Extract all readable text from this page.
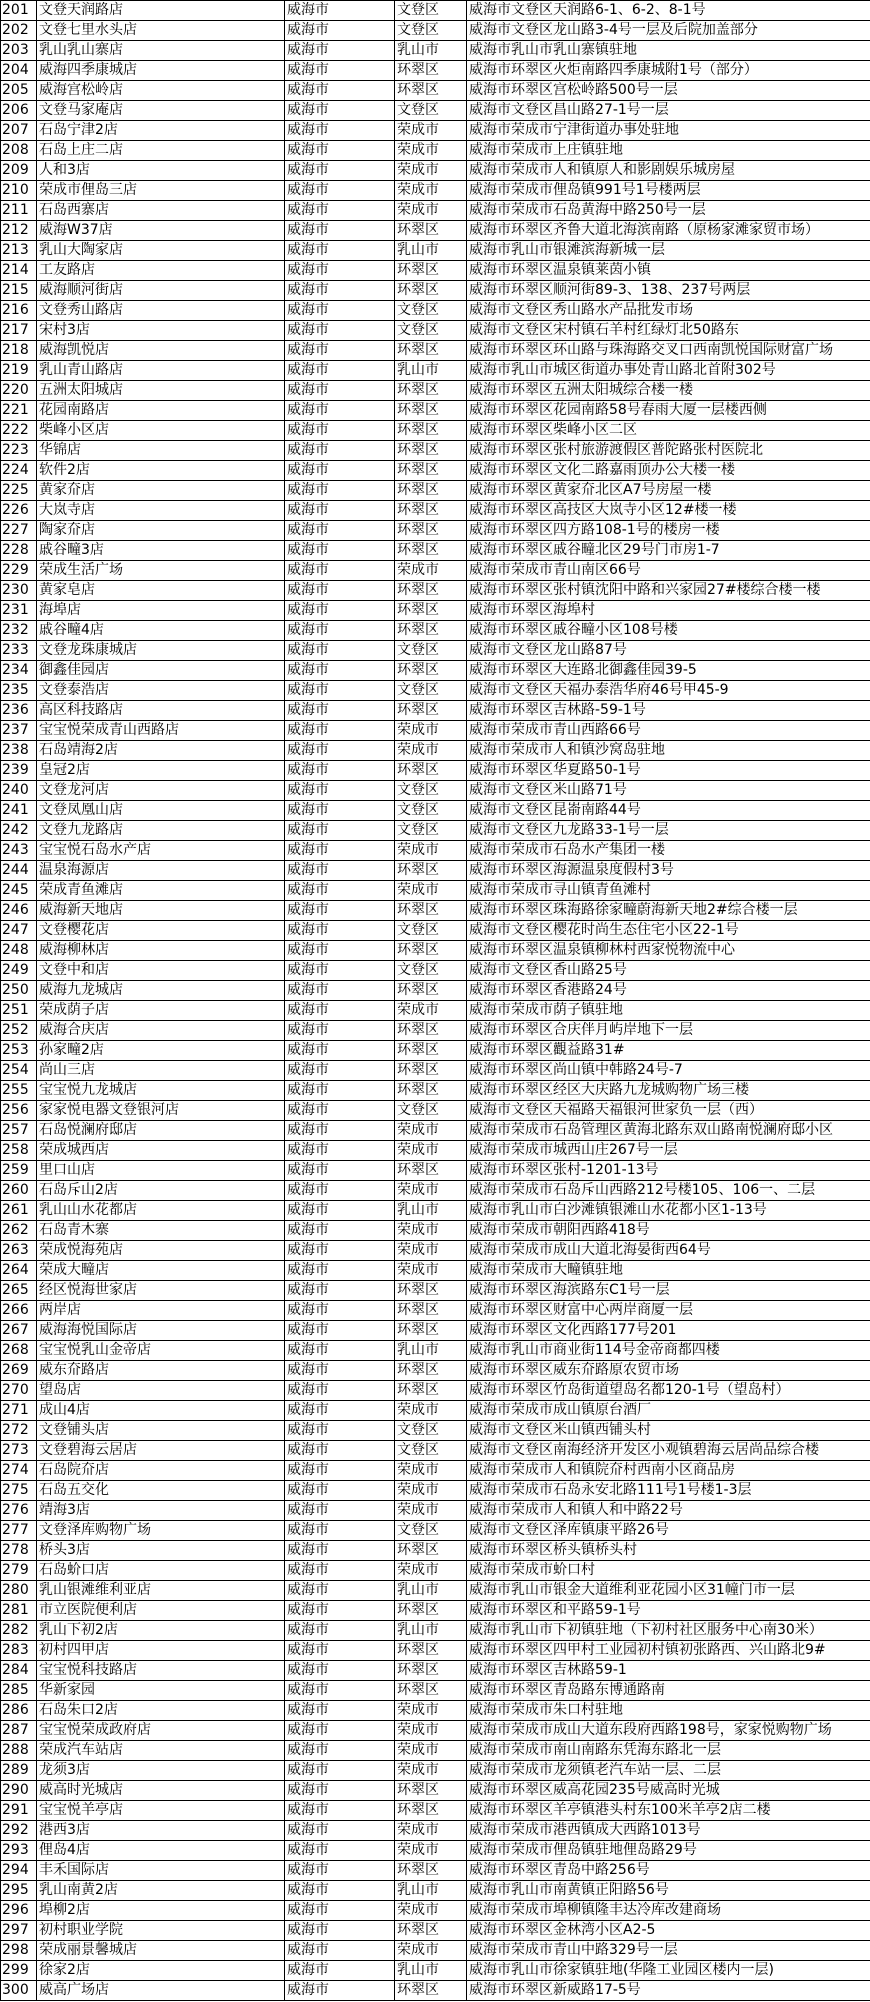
201	文登天润路店	威海市	文登区	威海市文登区天润路6-1、6-2、8-1号
202	文登七里水头店	威海市	文登区	威海市文登区龙山路3-4号一层及后院加盖部分
203	乳山乳山寨店	威海市	乳山市	威海市乳山市乳山寨镇驻地
204	威海四季康城店	威海市	环翠区	威海市环翠区火炬南路四季康城附1号（部分）
205	威海宫松岭店	威海市	环翠区	威海市环翠区宫松岭路500号一层
206	文登马家庵店	威海市	文登区	威海市文登区昌山路27-1号一层
207	石岛宁津2店	威海市	荣成市	威海市荣成市宁津街道办事处驻地
208	石岛上庄二店	威海市	荣成市	威海市荣成市上庄镇驻地
209	人和3店	威海市	荣成市	威海市荣成市人和镇原人和影剧娱乐城房屋
210	荣成市俚岛三店	威海市	荣成市	威海市荣成市俚岛镇991号1号楼两层
211	石岛西寨店	威海市	荣成市	威海市荣成市石岛黄海中路250号一层
212	威海W37店	威海市	环翠区	威海市环翠区齐鲁大道北海滨南路（原杨家滩家贸市场）
213	乳山大陶家店	威海市	乳山市	威海市乳山市银滩滨海新城一层
214	工友路店	威海市	环翠区	威海市环翠区温泉镇莱茵小镇
215	威海顺河街店	威海市	环翠区	威海市环翠区顺河街89-3、138、237号两层
216	文登秀山路店	威海市	文登区	威海市文登区秀山路水产品批发市场
217	宋村3店	威海市	文登区	威海市文登区宋村镇石羊村红绿灯北50路东
218	威海凯悦店	威海市	环翠区	威海市环翠区环山路与珠海路交叉口西南凯悦国际财富广场
219	乳山青山路店	威海市	乳山市	威海市乳山市城区街道办事处青山路北首附302号
220	五洲太阳城店	威海市	环翠区	威海市环翠区五洲太阳城综合楼一楼
221	花园南路店	威海市	环翠区	威海市环翠区花园南路58号春雨大厦一层楼西侧
222	柴峰小区店	威海市	环翠区	威海市环翠区柴峰小区二区
223	华锦店	威海市	环翠区	威海市环翠区张村旅游渡假区普陀路张村医院北
224	软件2店	威海市	环翠区	威海市环翠区文化二路嘉雨顶办公大楼一楼
225	黄家夼店	威海市	环翠区	威海市环翠区黄家夼北区A7号房屋一楼
226	大岚寺店	威海市	环翠区	威海市环翠区高技区大岚寺小区12#楼一楼
227	陶家夼店	威海市	环翠区	威海市环翠区四方路108-1号的楼房一楼
228	戚谷疃3店	威海市	环翠区	威海市环翠区戚谷疃北区29号门市房1-7
229	荣成生活广场	威海市	荣成市	威海市荣成市青山南区66号
230	黄家皂店	威海市	环翠区	威海市环翠区张村镇沈阳中路和兴家园27#楼综合楼一楼
231	海埠店	威海市	环翠区	威海市环翠区海埠村
232	戚谷疃4店	威海市	环翠区	威海市环翠区戚谷疃小区108号楼
233	文登龙珠康城店	威海市	文登区	威海市文登区龙山路87号
234	御鑫佳园店	威海市	环翠区	威海市环翠区大连路北御鑫佳园39-5
235	文登泰浩店	威海市	文登区	威海市文登区天福办泰浩华府46号甲45-9
236	高区科技路店	威海市	环翠区	威海市环翠区吉林路-59-1号
237	宝宝悦荣成青山西路店	威海市	荣成市	威海市荣成市青山西路66号
238	石岛靖海2店	威海市	荣成市	威海市荣成市人和镇沙窝岛驻地
239	皇冠2店	威海市	环翠区	威海市环翠区华夏路50-1号
240	文登龙河店	威海市	文登区	威海市文登区米山路71号
241	文登凤凰山店	威海市	文登区	威海市文登区昆嵛南路44号
242	文登九龙路店	威海市	文登区	威海市文登区九龙路33-1号一层
243	宝宝悦石岛水产店	威海市	荣成市	威海市荣成市石岛水产集团一楼
244	温泉海源店	威海市	环翠区	威海市环翠区海源温泉度假村3号
245	荣成青鱼滩店	威海市	荣成市	威海市荣成市寻山镇青鱼滩村
246	威海新天地店	威海市	环翠区	威海市环翠区珠海路徐家疃蔚海新天地2#综合楼一层
247	文登樱花店	威海市	文登区	威海市文登区樱花时尚生态住宅小区22-1号
248	威海柳林店	威海市	环翠区	威海市环翠区温泉镇柳林村西家悦物流中心
249	文登中和店	威海市	文登区	威海市文登区香山路25号
250	威海九龙城店	威海市	环翠区	威海市环翠区香港路24号
251	荣成荫子店	威海市	荣成市	威海市荣成市荫子镇驻地
252	威海合庆店	威海市	环翠区	威海市环翠区合庆伴月屿岸地下一层
253	孙家疃2店	威海市	环翠区	威海市环翠区觀益路31#
254	尚山三店	威海市	环翠区	威海市环翠区尚山镇中韩路24号-7
255	宝宝悦九龙城店	威海市	环翠区	威海市环翠区经区大庆路九龙城购物广场三楼
256	家家悦电器文登银河店	威海市	文登区	威海市文登区天福路天福银河世家负一层（西）
257	石岛悦澜府邸店	威海市	荣成市	威海市荣成市石岛管理区黄海北路东双山路南悦澜府邸小区
258	荣成城西店	威海市	荣成市	威海市荣成市城西山庄267号一层
259	里口山店	威海市	环翠区	威海市环翠区张村-1201-13号
260	石岛斥山2店	威海市	荣成市	威海市荣成市石岛斥山西路212号楼105、106一、二层
261	乳山山水花都店	威海市	乳山市	威海市乳山市白沙滩镇银滩山水花都小区1-13号
262	石岛青木寨	威海市	荣成市	威海市荣成市朝阳西路418号
263	荣成悦海苑店	威海市	荣成市	威海市荣成市成山大道北海晏街西64号
264	荣成大疃店	威海市	荣成市	威海市荣成市大疃镇驻地
265	经区悦海世家店	威海市	环翠区	威海市环翠区海滨路东C1号一层
266	两岸店	威海市	环翠区	威海市环翠区财富中心两岸商厦一层
267	威海海悦国际店	威海市	环翠区	威海市环翠区文化西路177号201
268	宝宝悦乳山金帝店	威海市	乳山市	威海市乳山市商业街114号金帝商都四楼
269	威东夼路店	威海市	环翠区	威海市环翠区威东夼路原农贸市场
270	望岛店	威海市	环翠区	威海市环翠区竹岛街道望岛名都120-1号（望岛村）
271	成山4店	威海市	荣成市	威海市荣成市成山镇原台酒厂
272	文登铺头店	威海市	文登区	威海市文登区米山镇西铺头村
273	文登碧海云居店	威海市	文登区	威海市文登区南海经济开发区小观镇碧海云居尚品综合楼
274	石岛院夼店	威海市	荣成市	威海市荣成市人和镇院夼村西南小区商品房
275	石岛五交化	威海市	荣成市	威海市荣成市石岛永安北路111号1号楼1-3层
276	靖海3店	威海市	荣成市	威海市荣成市人和镇人和中路22号
277	文登泽库购物广场	威海市	文登区	威海市文登区泽库镇康平路26号
278	桥头3店	威海市	环翠区	威海市环翠区桥头镇桥头村
279	石岛蚧口店	威海市	荣成市	威海市荣成市蚧口村
280	乳山银滩维利亚店	威海市	乳山市	威海市乳山市银金大道维利亚花园小区31幢门市一层
281	市立医院便利店	威海市	环翠区	威海市环翠区和平路59-1号
282	乳山下初2店	威海市	乳山市	威海市乳山市下初镇驻地（下初村社区服务中心南30米）
283	初村四甲店	威海市	环翠区	威海市环翠区四甲村工业园初村镇初张路西、兴山路北9#
284	宝宝悦科技路店	威海市	环翠区	威海市环翠区吉林路59-1
285	华新家园	威海市	环翠区	威海市环翠区青岛路东博通路南
286	石岛朱口2店	威海市	荣成市	威海市荣成市朱口村驻地
287	宝宝悦荣成政府店	威海市	荣成市	威海市荣成市成山大道东段府西路198号，家家悦购物广场
288	荣成汽车站店	威海市	荣成市	威海市荣成市南山南路东凭海东路北一层
289	龙须3店	威海市	荣成市	威海市荣成市龙须镇老汽车站一层、二层
290	威高时光城店	威海市	环翠区	威海市环翠区威高花园235号威高时光城
291	宝宝悦羊亭店	威海市	环翠区	威海市环翠区羊亭镇港头村东100米羊亭2店二楼
292	港西3店	威海市	荣成市	威海市荣成市港西镇成大西路1013号
293	俚岛4店	威海市	荣成市	威海市荣成市俚岛镇驻地俚岛路29号
294	丰禾国际店	威海市	环翠区	威海市环翠区青岛中路256号
295	乳山南黄2店	威海市	乳山市	威海市乳山市南黄镇正阳路56号
296	埠柳2店	威海市	荣成市	威海市荣成市埠柳镇隆丰达冷库改建商场
297	初村职业学院	威海市	环翠区	威海市环翠区金林湾小区A2-5
298	荣成丽景馨城店	威海市	荣成市	威海市荣成市青山中路329号一层
299	徐家2店	威海市	乳山市	威海市乳山市徐家镇驻地(华隆工业园区楼内一层)
300	威高广场店	威海市	环翠区	威海市环翠区新威路17-5号
